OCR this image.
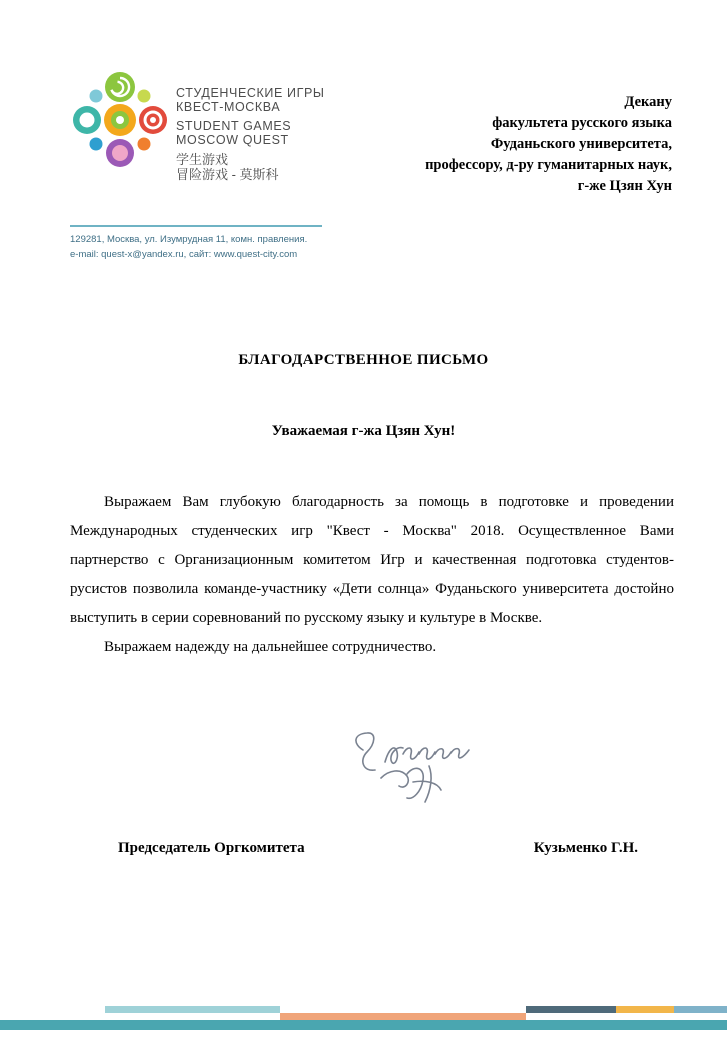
СТУДЕНЧЕСКИЕ ИГРЫ
КВЕСТ-МОСКВА
STUDENT GAMES
MOSCOW QUEST
学生游戏
冒险游戏 - 莫斯科
Декану
факультета русского языка
Фуданьского университета,
профессору, д-ру гуманитарных наук,
г-же Цзян Хун
129281, Москва, ул. Изумрудная 11, комн. правления.
e-mail: quest-x@yandex.ru, сайт: www.quest-city.com
БЛАГОДАРСТВЕННОЕ ПИСЬМО
Уважаемая г-жа Цзян Хун!

Выражаем Вам глубокую благодарность за помощь в подготовке и проведении Международных студенческих игр "Квест - Москва" 2018. Осуществленное Вами партнерство с Организационным комитетом Игр и качественная подготовка студентов-русистов позволила команде-участнику «Дети солнца» Фуданьского университета достойно выступить в серии соревнований по русскому языку и культуре в Москве.

Выражаем надежду на дальнейшее сотрудничество.

Председатель Оргкомитета	Кузьменко Г.Н.
